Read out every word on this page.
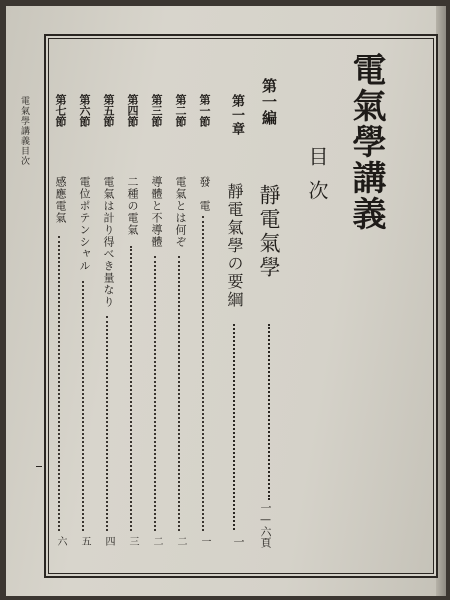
電氣學講義目次	電氣學講義
目次
第一編
靜電氣學
一—六頁
第一章
靜電氣學の要綱
一
第一節
發　電
一
第二節
電氣とは何ぞ
二
第三節
導體と不導體
二
第四節
二種の電氣
三
第五節
電氣は計り得べき量なり
四
第六節
電位ポテンシャル
五
第七節
感應電氣
六
